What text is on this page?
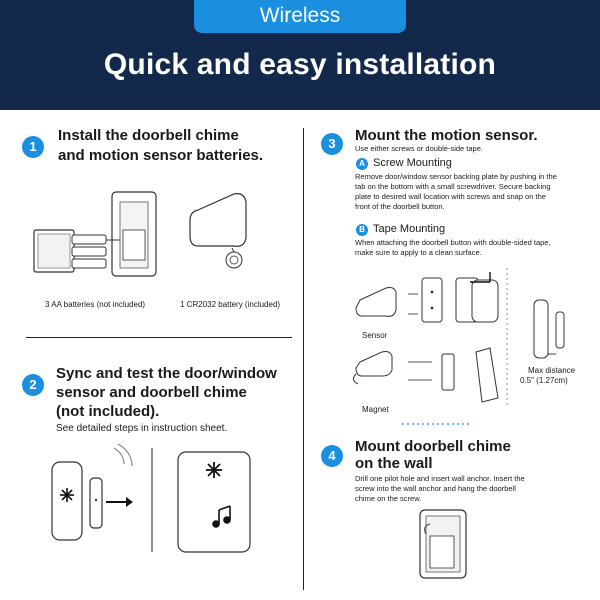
Wireless
Quick and easy installation
1
Install the doorbell chime
and motion sensor batteries.
3 AA batteries (not included)	1 CR2032 battery (included)
2
Sync and test the door/window
sensor and doorbell chime
(not included).
See detailed steps in instruction sheet.
3	Mount the motion sensor.
Use either screws or double-side tape.
A Screw Mounting
Remove door/window sensor backing plate by pushing in the
tab on the bottom with a small screwdriver. Secure backing
plate to desired wall location with screws and snap on the
front of the doorbell button.
B Tape Mounting
When attaching the doorbell button with double-sided tape,
make sure to apply to a clean surface.
Sensor
Magnet
Max distance
0.5" (1.27cm)
4
Mount doorbell chime
on the wall
Drill one pilot hole and insert wall anchor. Insert the
screw into the wall anchor and hang the doorbell
chime on the screw.
